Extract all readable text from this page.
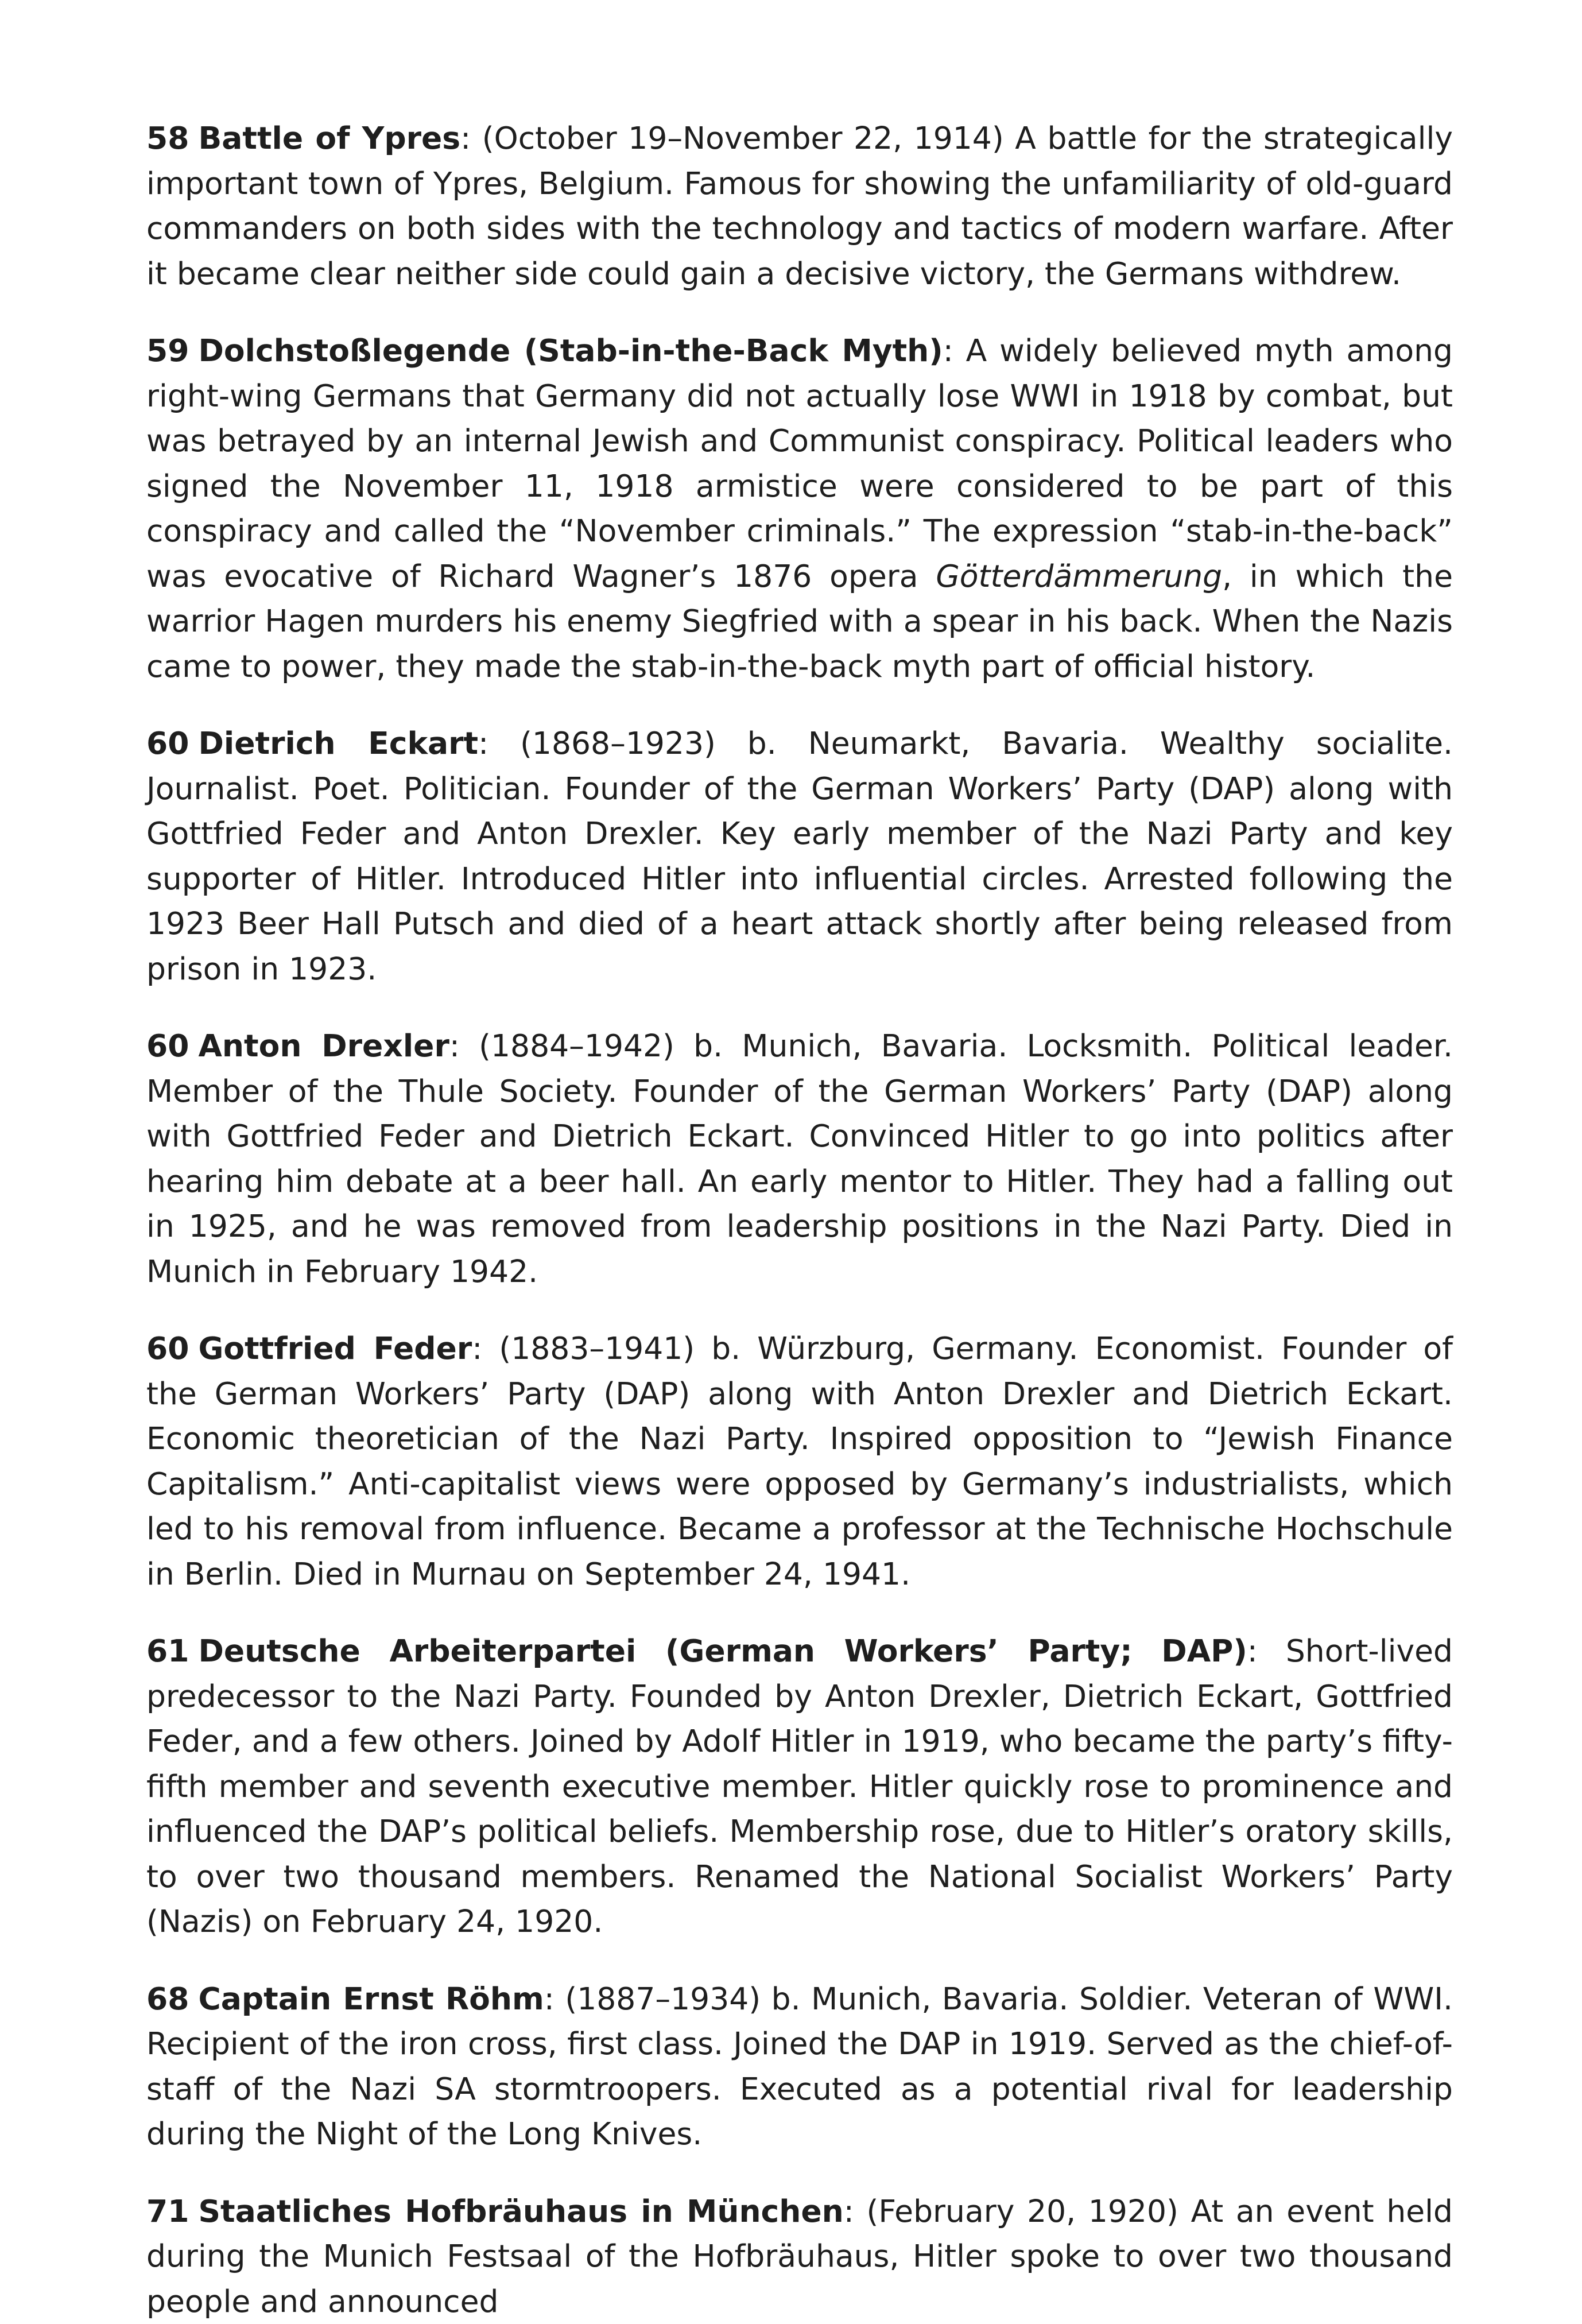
58 Battle of Ypres: (October 19–November 22, 1914) A battle for the strategically important town of Ypres, Belgium. Famous for showing the unfamiliarity of old-guard commanders on both sides with the technology and tactics of modern warfare. After it became clear neither side could gain a decisive victory, the Germans withdrew.

59 Dolchstoßlegende (Stab-in-the-Back Myth): A widely believed myth among right-wing Germans that Germany did not actually lose WWI in 1918 by combat, but was betrayed by an internal Jewish and Communist conspiracy. Political leaders who signed the November 11, 1918 armistice were considered to be part of this conspiracy and called the “November criminals.” The expression “stab-in-the-back” was evocative of Richard Wagner’s 1876 opera Götterdämmerung, in which the warrior Hagen murders his enemy Siegfried with a spear in his back. When the Nazis came to power, they made the stab-in-the-back myth part of official history.

60 Dietrich Eckart: (1868–1923) b. Neumarkt, Bavaria. Wealthy socialite. Journalist. Poet. Politician. Founder of the German Workers’ Party (DAP) along with Gottfried Feder and Anton Drexler. Key early member of the Nazi Party and key supporter of Hitler. Introduced Hitler into influential circles. Arrested following the 1923 Beer Hall Putsch and died of a heart attack shortly after being released from prison in 1923.

60 Anton Drexler: (1884–1942) b. Munich, Bavaria. Locksmith. Political leader. Member of the Thule Society. Founder of the German Workers’ Party (DAP) along with Gottfried Feder and Dietrich Eckart. Convinced Hitler to go into politics after hearing him debate at a beer hall. An early mentor to Hitler. They had a falling out in 1925, and he was removed from leadership positions in the Nazi Party. Died in Munich in February 1942.

60 Gottfried Feder: (1883–1941) b. Würzburg, Germany. Economist. Founder of the German Workers’ Party (DAP) along with Anton Drexler and Dietrich Eckart. Economic theoretician of the Nazi Party. Inspired opposition to “Jewish Finance Capitalism.” Anti-capitalist views were opposed by Germany’s industrialists, which led to his removal from influence. Became a professor at the Technische Hochschule in Berlin. Died in Murnau on September 24, 1941.

61 Deutsche Arbeiterpartei (German Workers’ Party; DAP): Short-lived predecessor to the Nazi Party. Founded by Anton Drexler, Dietrich Eckart, Gottfried Feder, and a few others. Joined by Adolf Hitler in 1919, who became the party’s fifty-fifth member and seventh executive member. Hitler quickly rose to prominence and influenced the DAP’s political beliefs. Membership rose, due to Hitler’s oratory skills, to over two thousand members. Renamed the National Socialist Workers’ Party (Nazis) on February 24, 1920.

68 Captain Ernst Röhm: (1887–1934) b. Munich, Bavaria. Soldier. Veteran of WWI. Recipient of the iron cross, first class. Joined the DAP in 1919. Served as the chief-of-staff of the Nazi SA stormtroopers. Executed as a potential rival for leadership during the Night of the Long Knives.

71 Staatliches Hofbräuhaus in München: (February 20, 1920) At an event held during the Munich Festsaal of the Hofbräuhaus, Hitler spoke to over two thousand people and announced
